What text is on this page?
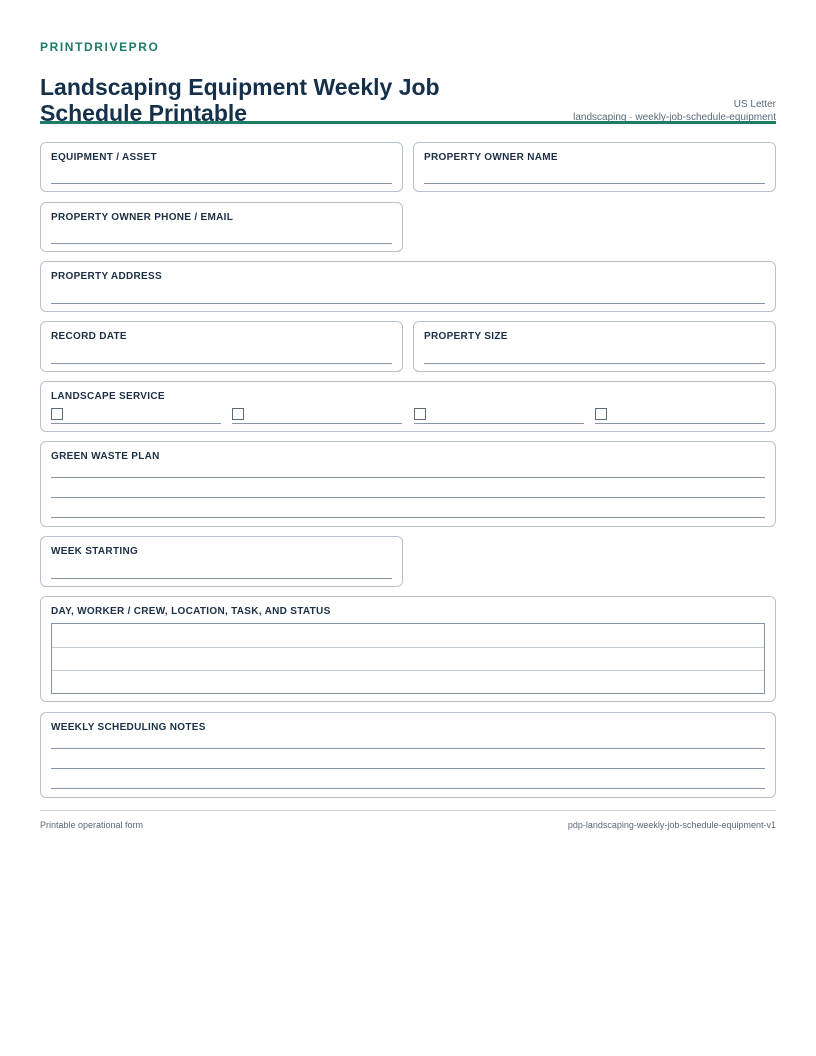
PRINTDRIVEPRO
Landscaping Equipment Weekly Job Schedule Printable	US Letter
landscaping · weekly-job-schedule-equipment
EQUIPMENT / ASSET	PROPERTY OWNER NAME
PROPERTY OWNER PHONE / EMAIL
PROPERTY ADDRESS
RECORD DATE	PROPERTY SIZE
LANDSCAPE SERVICE
GREEN WASTE PLAN
WEEK STARTING
DAY, WORKER / CREW, LOCATION, TASK, AND STATUS
WEEKLY SCHEDULING NOTES
Printable operational form	pdp-landscaping-weekly-job-schedule-equipment-v1
